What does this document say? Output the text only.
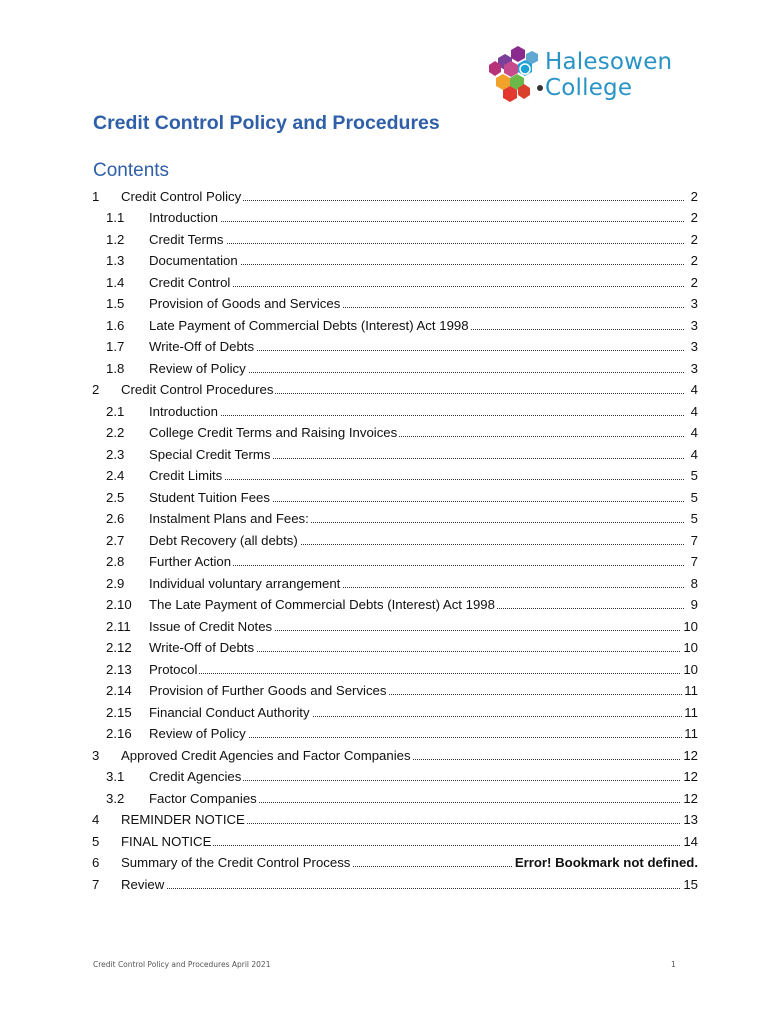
Halesowen
College
Credit Control Policy and Procedures
Contents
1 Credit Control Policy	2
1.1 Introduction	2
1.2 Credit Terms	2
1.3 Documentation	2
1.4 Credit Control	2
1.5 Provision of Goods and Services	3
1.6 Late Payment of Commercial Debts (Interest) Act 1998	3
1.7 Write-Off of Debts	3
1.8 Review of Policy	3
2 Credit Control Procedures	4
2.1 Introduction	4
2.2 College Credit Terms and Raising Invoices	4
2.3 Special Credit Terms	4
2.4 Credit Limits	5
2.5 Student Tuition Fees	5
2.6 Instalment Plans and Fees:	5
2.7 Debt Recovery (all debts)	7
2.8 Further Action	7
2.9 Individual voluntary arrangement	8
2.10 The Late Payment of Commercial Debts (Interest) Act 1998	9
2.11 Issue of Credit Notes	10
2.12 Write-Off of Debts	10
2.13 Protocol	10
2.14 Provision of Further Goods and Services	11
2.15 Financial Conduct Authority	11
2.16 Review of Policy	11
3 Approved Credit Agencies and Factor Companies	12
3.1 Credit Agencies	12
3.2 Factor Companies	12
4 REMINDER NOTICE	13
5 FINAL NOTICE	14
6 Summary of the Credit Control Process	Error! Bookmark not defined.
7 Review	15
Credit Control Policy and Procedures April 2021	1
